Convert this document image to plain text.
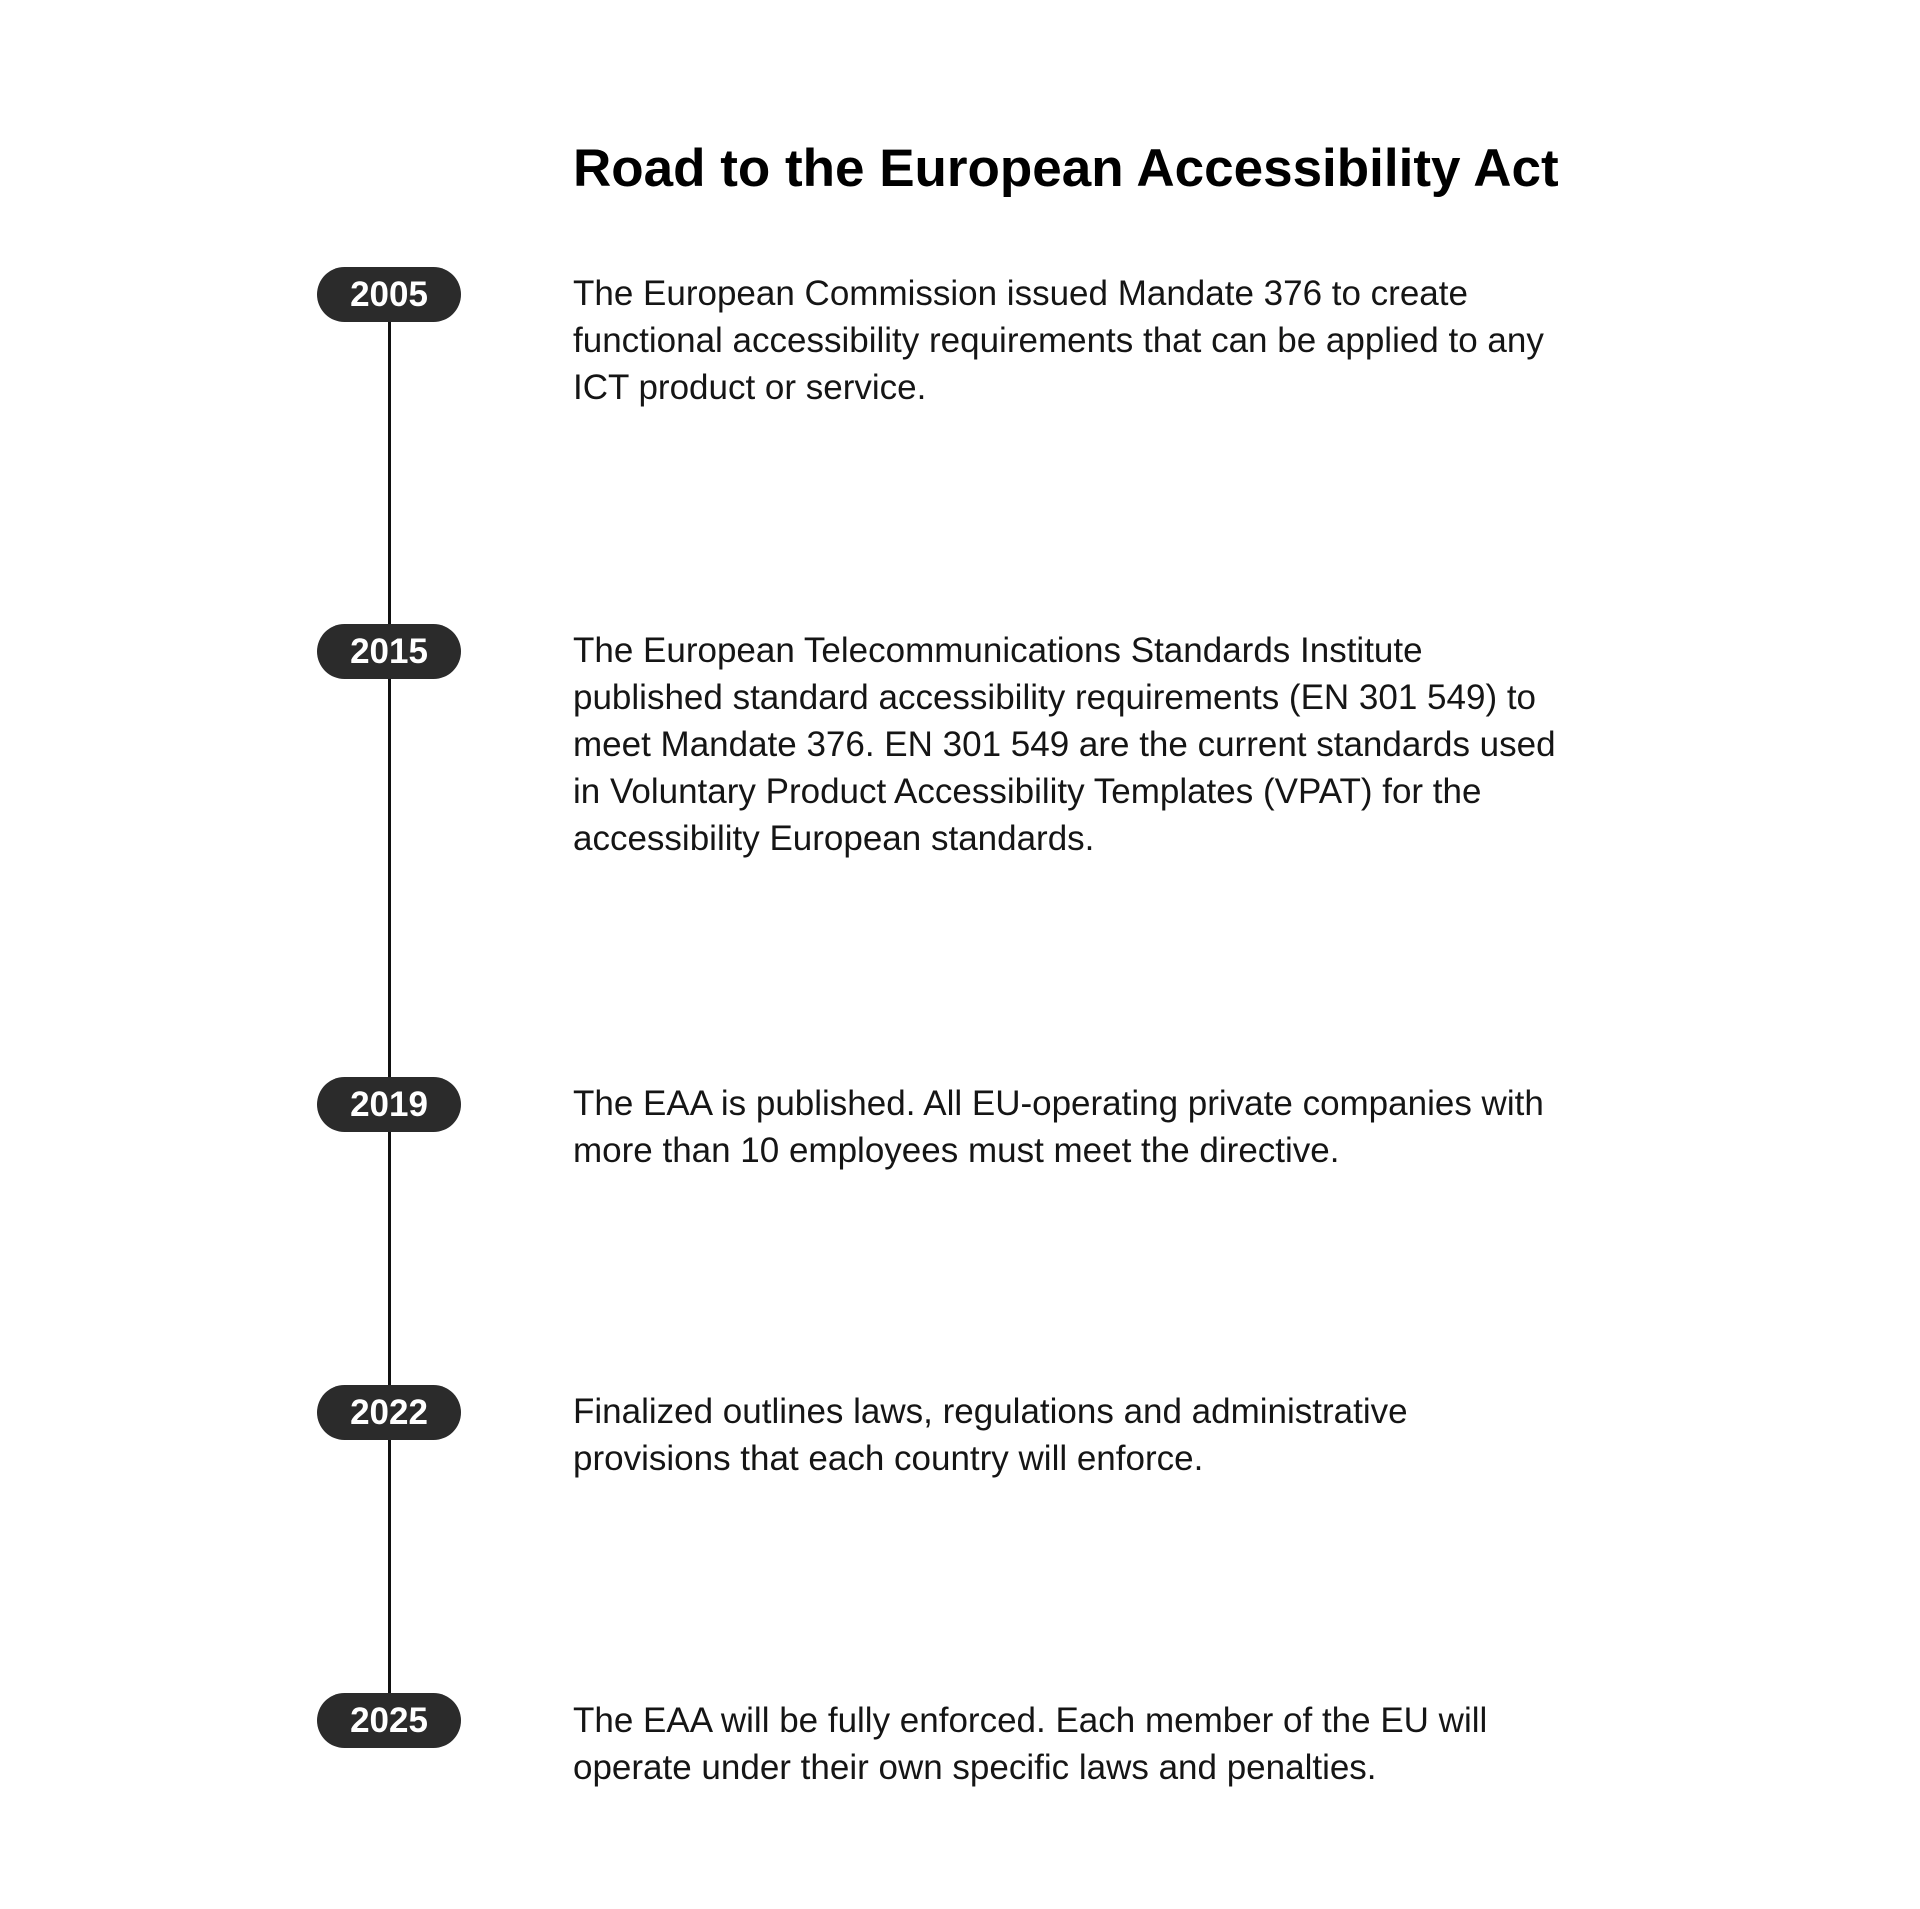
Road to the European Accessibility Act
2005	The European Commission issued Mandate 376 to create
functional accessibility requirements that can be applied to any
ICT product or service.

2015	The European Telecommunications Standards Institute
published standard accessibility requirements (EN 301 549) to
meet Mandate 376. EN 301 549 are the current standards used
in Voluntary Product Accessibility Templates (VPAT) for the
accessibility European standards.

2019	The EAA is published. All EU-operating private companies with
more than 10 employees must meet the directive.

2022	Finalized outlines laws, regulations and administrative
provisions that each country will enforce.

2025	The EAA will be fully enforced. Each member of the EU will
operate under their own specific laws and penalties.
